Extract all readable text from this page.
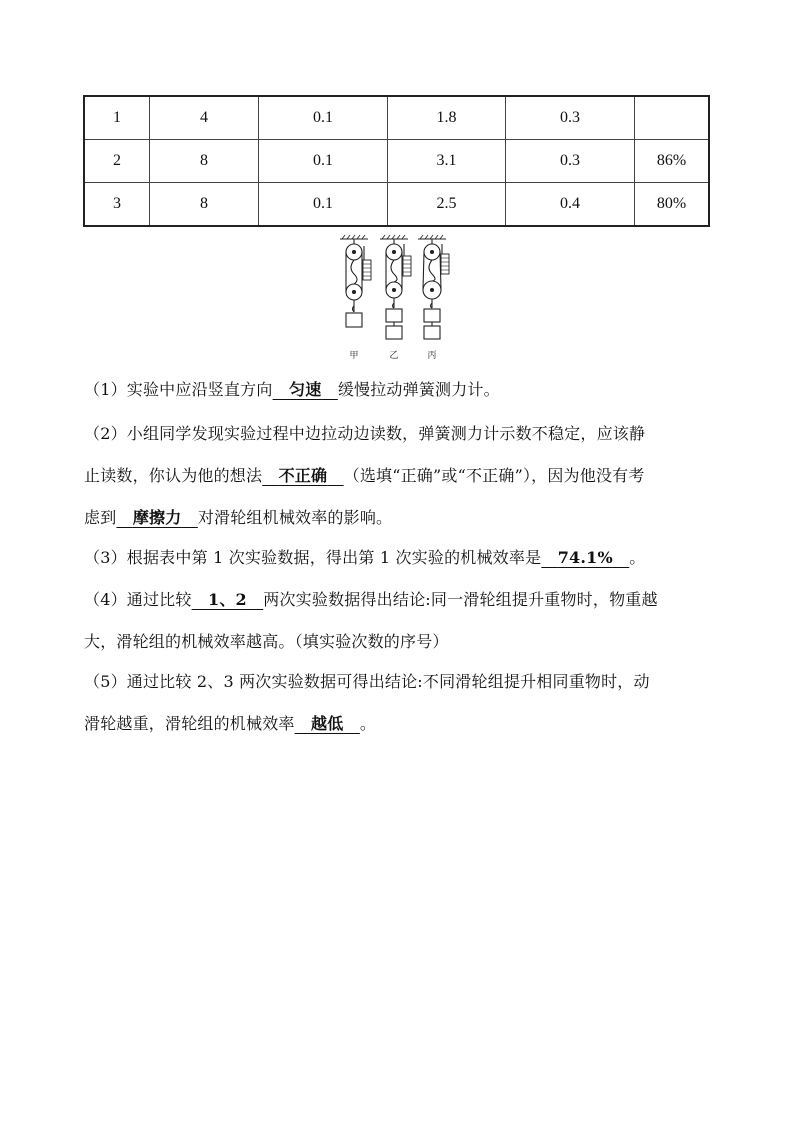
1	4	0.1	1.8	0.3	
2	8	0.1	3.1	0.3	86%
3	8	0.1	2.5	0.4	80%
甲	乙	丙
（1）实验中应沿竖直方向   匀速   缓慢拉动弹簧测力计。
（2）小组同学发现实验过程中边拉动边读数，弹簧测力计示数不稳定，应该静
止读数，你认为他的想法   不正确   （选填“正确”或“不正确”），因为他没有考
虑到   摩擦力   对滑轮组机械效率的影响。
（3）根据表中第 1 次实验数据，得出第 1 次实验的机械效率是   74.1%   。
（4）通过比较   1、2   两次实验数据得出结论:同一滑轮组提升重物时，物重越
大，滑轮组的机械效率越高。（填实验次数的序号）
（5）通过比较 2、3 两次实验数据可得出结论:不同滑轮组提升相同重物时，动
滑轮越重，滑轮组的机械效率   越低   。
